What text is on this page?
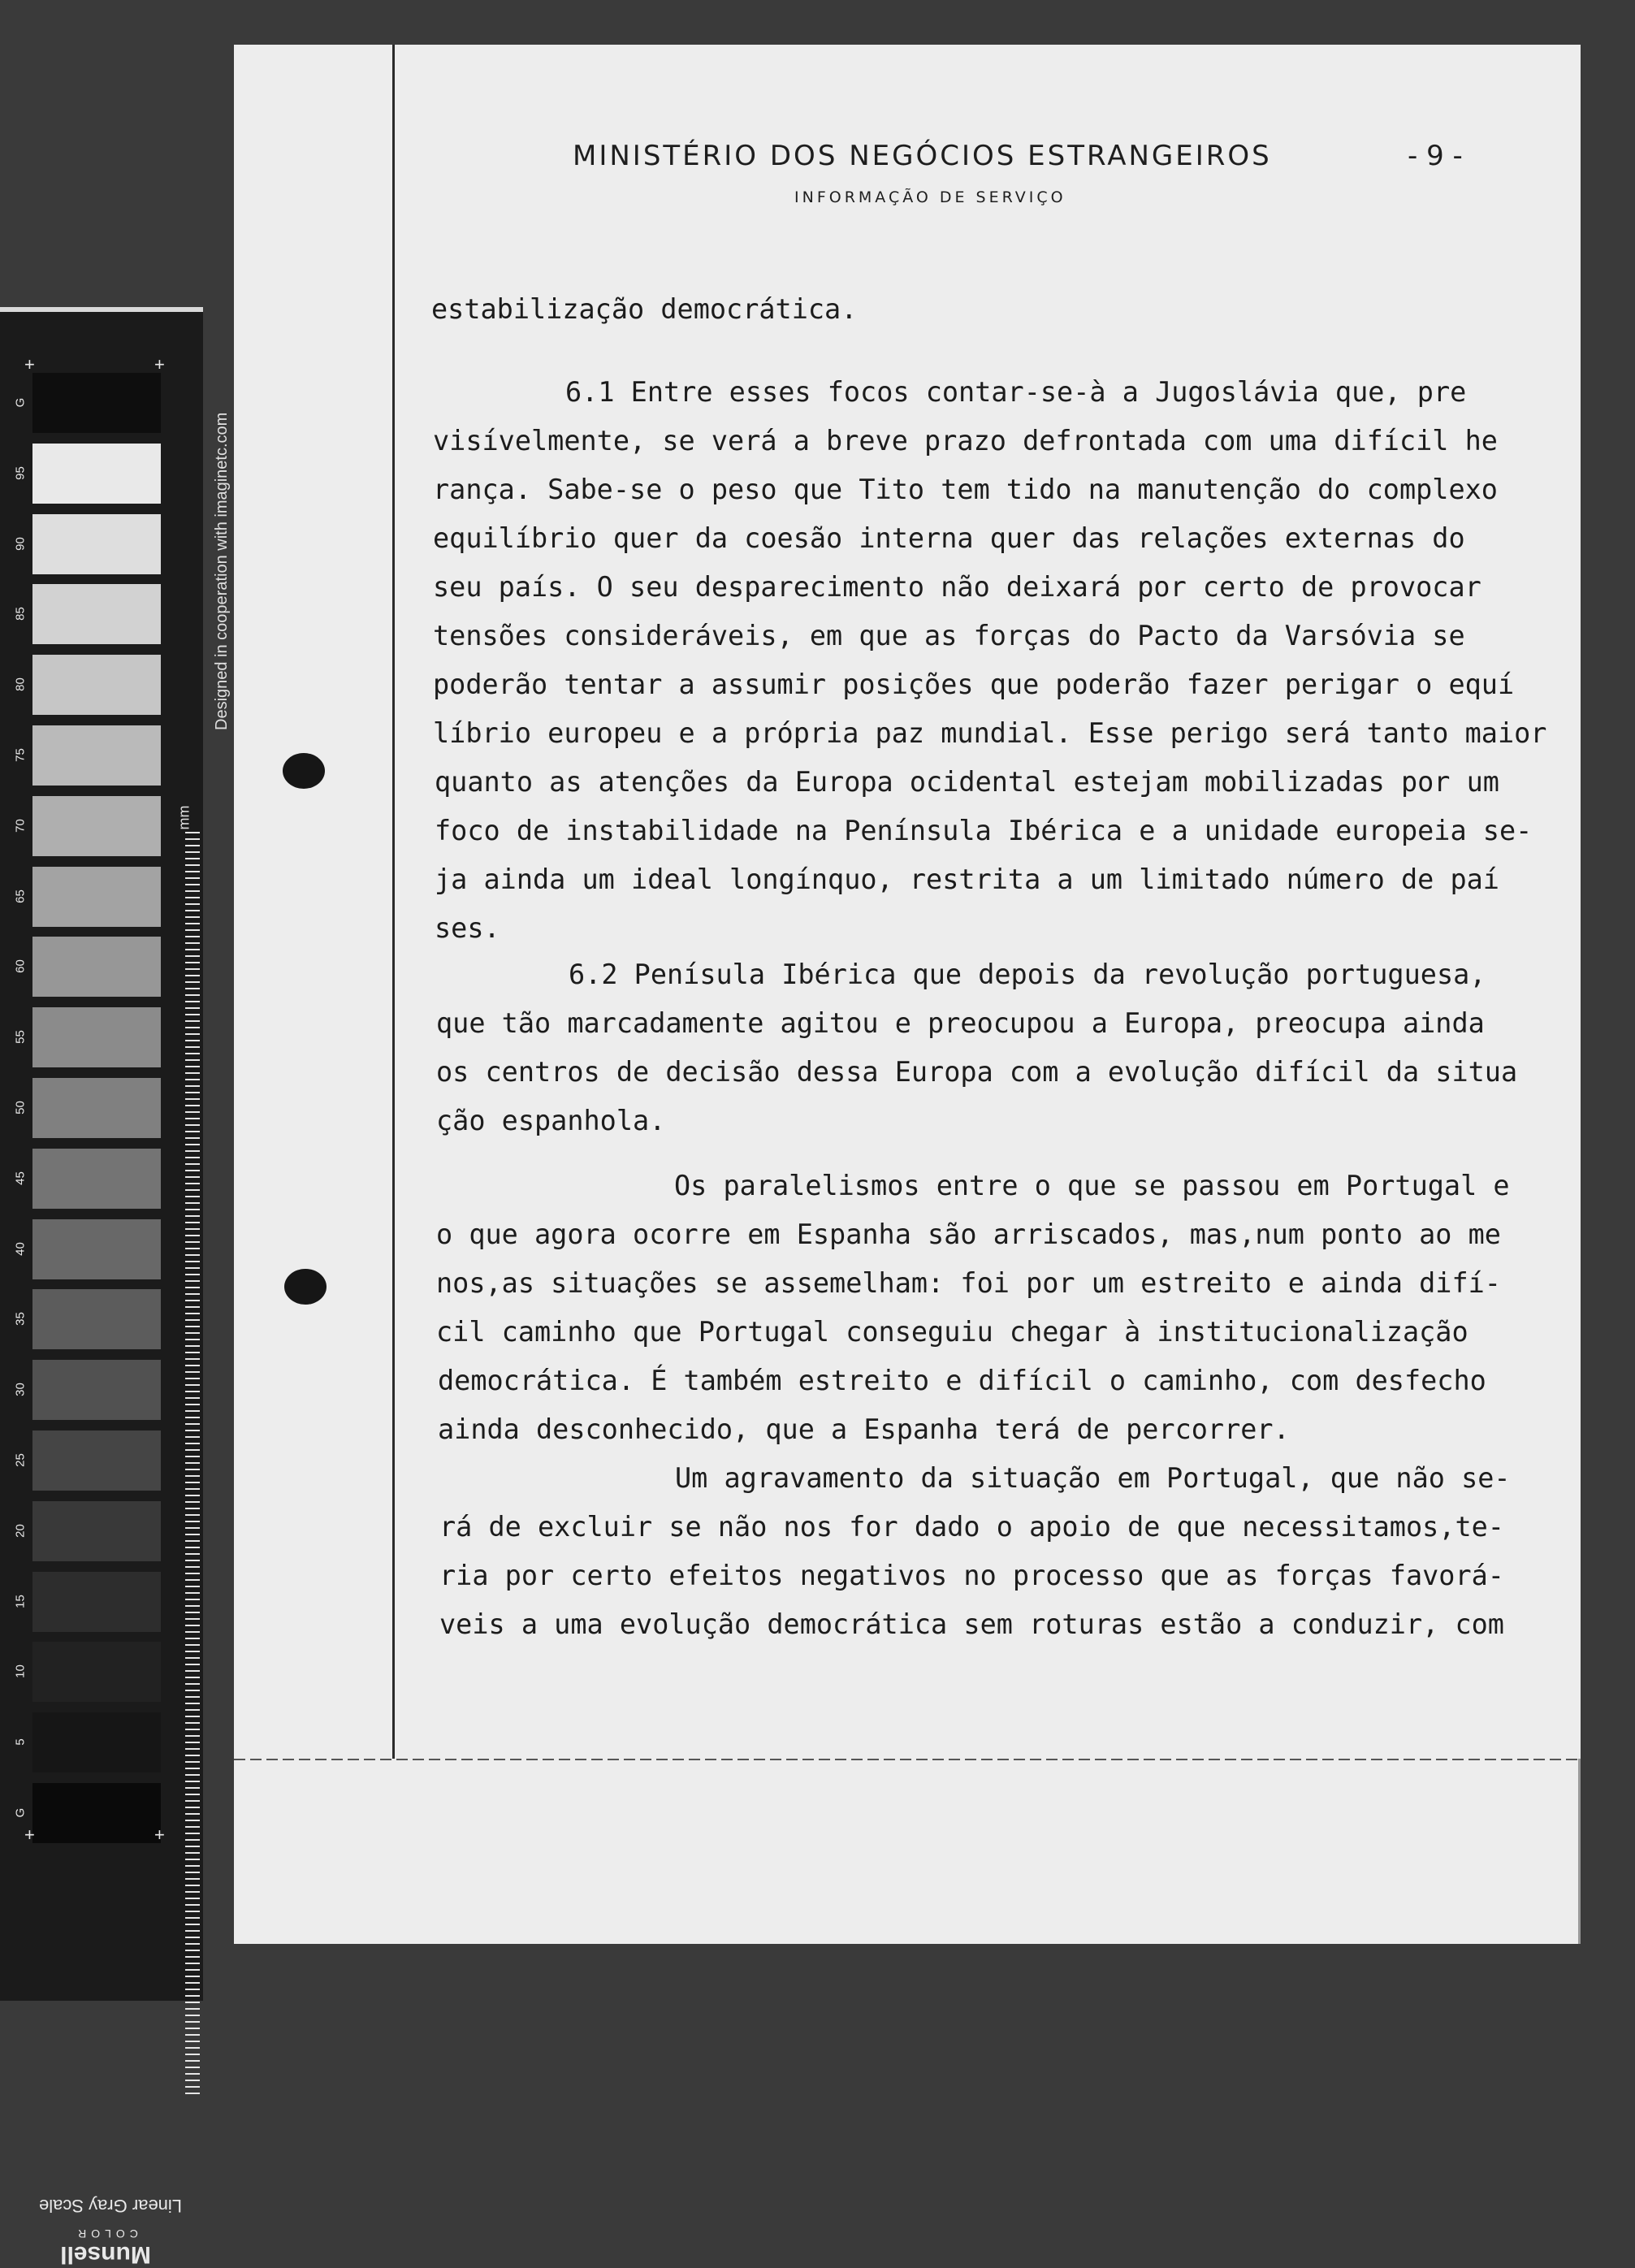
G
95
90
85
80
75
70
65
60
55
50
45
40
35
30
25
20
15
10
5
G
Designed in cooperation with imaginetc.com
mm
+	+
+	+
Linear Gray Scale
Munsell
COLOR
MINISTÉRIO DOS NEGÓCIOS ESTRANGEIROS	- 9 -
INFORMAÇÃO DE SERVIÇO
estabilização democrática.
6.1 Entre esses focos contar-se-à a Jugoslávia que, pre
visívelmente, se verá a breve prazo defrontada com uma difícil he
rança. Sabe-se o peso que Tito tem tido na manutenção do complexo
equilíbrio quer da coesão interna quer das relações externas do
seu país. O seu desparecimento não deixará por certo de provocar
tensões consideráveis, em que as forças do Pacto da Varsóvia se
poderão tentar a assumir posições que poderão fazer perigar o equí
líbrio europeu e a própria paz mundial. Esse perigo será tanto maior
quanto as atenções da Europa ocidental estejam mobilizadas por um
foco de instabilidade na Península Ibérica e a unidade europeia se-
ja ainda um ideal longínquo, restrita a um limitado número de paí
ses.
6.2 Penísula Ibérica que depois da revolução portuguesa,
que tão marcadamente agitou e preocupou a Europa, preocupa ainda
os centros de decisão dessa Europa com a evolução difícil da situa
ção espanhola.
Os paralelismos entre o que se passou em Portugal e
o que agora ocorre em Espanha são arriscados, mas,num ponto ao me
nos,as situações se assemelham: foi por um estreito e ainda difí-
cil caminho que Portugal conseguiu chegar à institucionalização
democrática. É também estreito e difícil o caminho, com desfecho
ainda desconhecido, que a Espanha terá de percorrer.
Um agravamento da situação em Portugal, que não se-
rá de excluir se não nos for dado o apoio de que necessitamos,te-
ria por certo efeitos negativos no processo que as forças favorá-
veis a uma evolução democrática sem roturas estão a conduzir, com
